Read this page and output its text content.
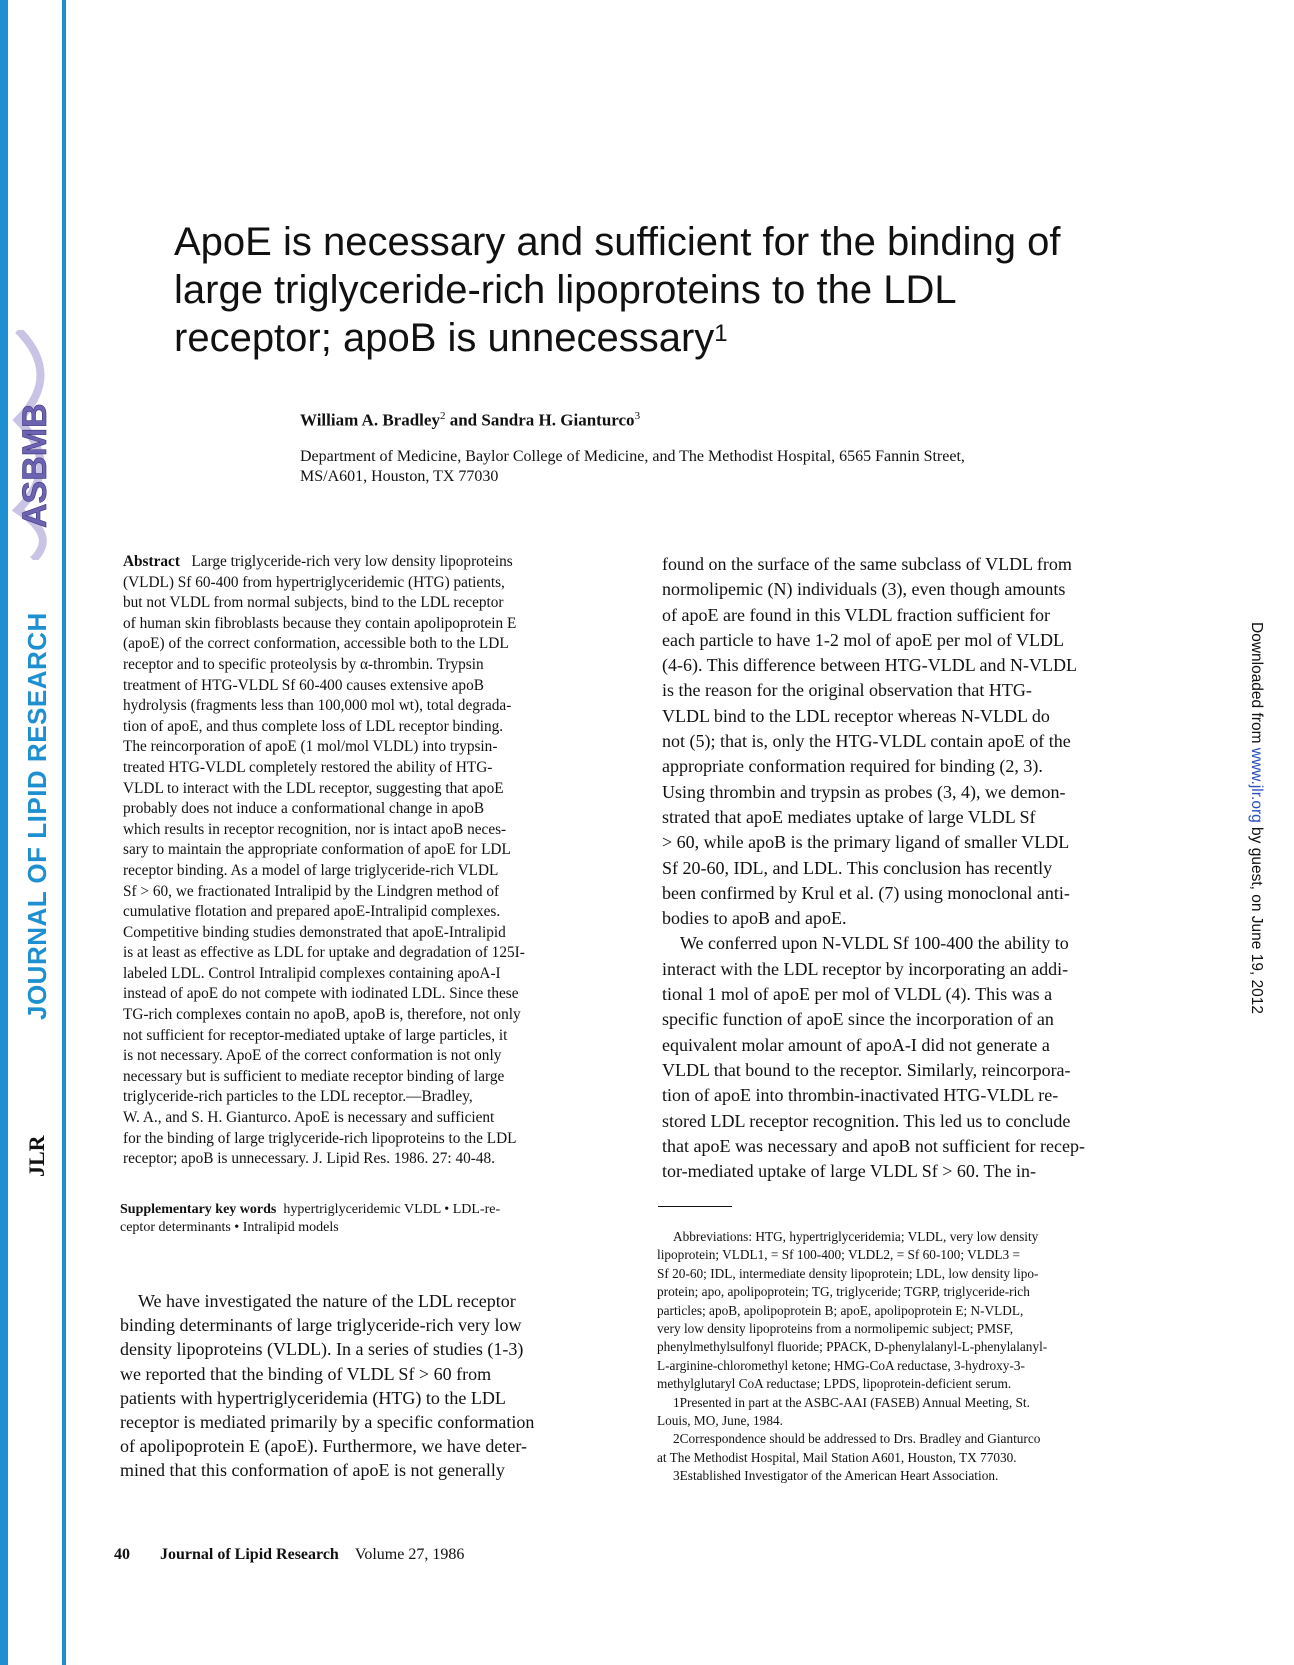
ASBMB
JOURNAL OF LIPID RESEARCH
JLR
Downloaded from www.jlr.org by guest, on June 19, 2012
ApoE is necessary and sufficient for the binding of
large triglyceride-rich lipoproteins to the LDL
receptor; apoB is unnecessary$^1$
William A. Bradley$^2$ and Sandra H. Gianturco$^3$
Department of Medicine, Baylor College of Medicine, and The Methodist Hospital, 6565 Fannin Street,
MS/A601, Houston, TX 77030
Abstract Large triglyceride-rich very low density lipoproteins
(VLDL) Sf 60-400 from hypertriglyceridemic (HTG) patients,
but not VLDL from normal subjects, bind to the LDL receptor
of human skin fibroblasts because they contain apolipoprotein E
(apoE) of the correct conformation, accessible both to the LDL
receptor and to specific proteolysis by α-thrombin. Trypsin
treatment of HTG-VLDL Sf 60-400 causes extensive apoB
hydrolysis (fragments less than 100,000 mol wt), total degrada-
tion of apoE, and thus complete loss of LDL receptor binding.
The reincorporation of apoE (1 mol/mol VLDL) into trypsin-
treated HTG-VLDL completely restored the ability of HTG-
VLDL to interact with the LDL receptor, suggesting that apoE
probably does not induce a conformational change in apoB
which results in receptor recognition, nor is intact apoB neces-
sary to maintain the appropriate conformation of apoE for LDL
receptor binding. As a model of large triglyceride-rich VLDL
Sf > 60, we fractionated Intralipid by the Lindgren method of
cumulative flotation and prepared apoE-Intralipid complexes.
Competitive binding studies demonstrated that apoE-Intralipid
is at least as effective as LDL for uptake and degradation of 125I-
labeled LDL. Control Intralipid complexes containing apoA-I
instead of apoE do not compete with iodinated LDL. Since these
TG-rich complexes contain no apoB, apoB is, therefore, not only
not sufficient for receptor-mediated uptake of large particles, it
is not necessary. ApoE of the correct conformation is not only
necessary but is sufficient to mediate receptor binding of large
triglyceride-rich particles to the LDL receptor.—Bradley,
W. A., and S. H. Gianturco. ApoE is necessary and sufficient
for the binding of large triglyceride-rich lipoproteins to the LDL
receptor; apoB is unnecessary. J. Lipid Res. 1986. 27: 40-48.
Supplementary key words hypertriglyceridemic VLDL • LDL-re-
ceptor determinants • Intralipid models
We have investigated the nature of the LDL receptor
binding determinants of large triglyceride-rich very low
density lipoproteins (VLDL). In a series of studies (1-3)
we reported that the binding of VLDL Sf > 60 from
patients with hypertriglyceridemia (HTG) to the LDL
receptor is mediated primarily by a specific conformation
of apolipoprotein E (apoE). Furthermore, we have deter-
mined that this conformation of apoE is not generally
found on the surface of the same subclass of VLDL from
normolipemic (N) individuals (3), even though amounts
of apoE are found in this VLDL fraction sufficient for
each particle to have 1-2 mol of apoE per mol of VLDL
(4-6). This difference between HTG-VLDL and N-VLDL
is the reason for the original observation that HTG-
VLDL bind to the LDL receptor whereas N-VLDL do
not (5); that is, only the HTG-VLDL contain apoE of the
appropriate conformation required for binding (2, 3).
Using thrombin and trypsin as probes (3, 4), we demon-
strated that apoE mediates uptake of large VLDL Sf
> 60, while apoB is the primary ligand of smaller VLDL
Sf 20-60, IDL, and LDL. This conclusion has recently
been confirmed by Krul et al. (7) using monoclonal anti-
bodies to apoB and apoE.
We conferred upon N-VLDL Sf 100-400 the ability to
interact with the LDL receptor by incorporating an addi-
tional 1 mol of apoE per mol of VLDL (4). This was a
specific function of apoE since the incorporation of an
equivalent molar amount of apoA-I did not generate a
VLDL that bound to the receptor. Similarly, reincorpora-
tion of apoE into thrombin-inactivated HTG-VLDL re-
stored LDL receptor recognition. This led us to conclude
that apoE was necessary and apoB not sufficient for recep-
tor-mediated uptake of large VLDL Sf > 60. The in-
Abbreviations: HTG, hypertriglyceridemia; VLDL, very low density
lipoprotein; VLDL1, = Sf 100-400; VLDL2, = Sf 60-100; VLDL3 =
Sf 20-60; IDL, intermediate density lipoprotein; LDL, low density lipo-
protein; apo, apolipoprotein; TG, triglyceride; TGRP, triglyceride-rich
particles; apoB, apolipoprotein B; apoE, apolipoprotein E; N-VLDL,
very low density lipoproteins from a normolipemic subject; PMSF,
phenylmethylsulfonyl fluoride; PPACK, D-phenylalanyl-L-phenylalanyl-
L-arginine-chloromethyl ketone; HMG-CoA reductase, 3-hydroxy-3-
methylglutaryl CoA reductase; LPDS, lipoprotein-deficient serum.
1Presented in part at the ASBC-AAI (FASEB) Annual Meeting, St.
Louis, MO, June, 1984.
2Correspondence should be addressed to Drs. Bradley and Gianturco
at The Methodist Hospital, Mail Station A601, Houston, TX 77030.
3Established Investigator of the American Heart Association.
40 Journal of Lipid Research Volume 27, 1986
